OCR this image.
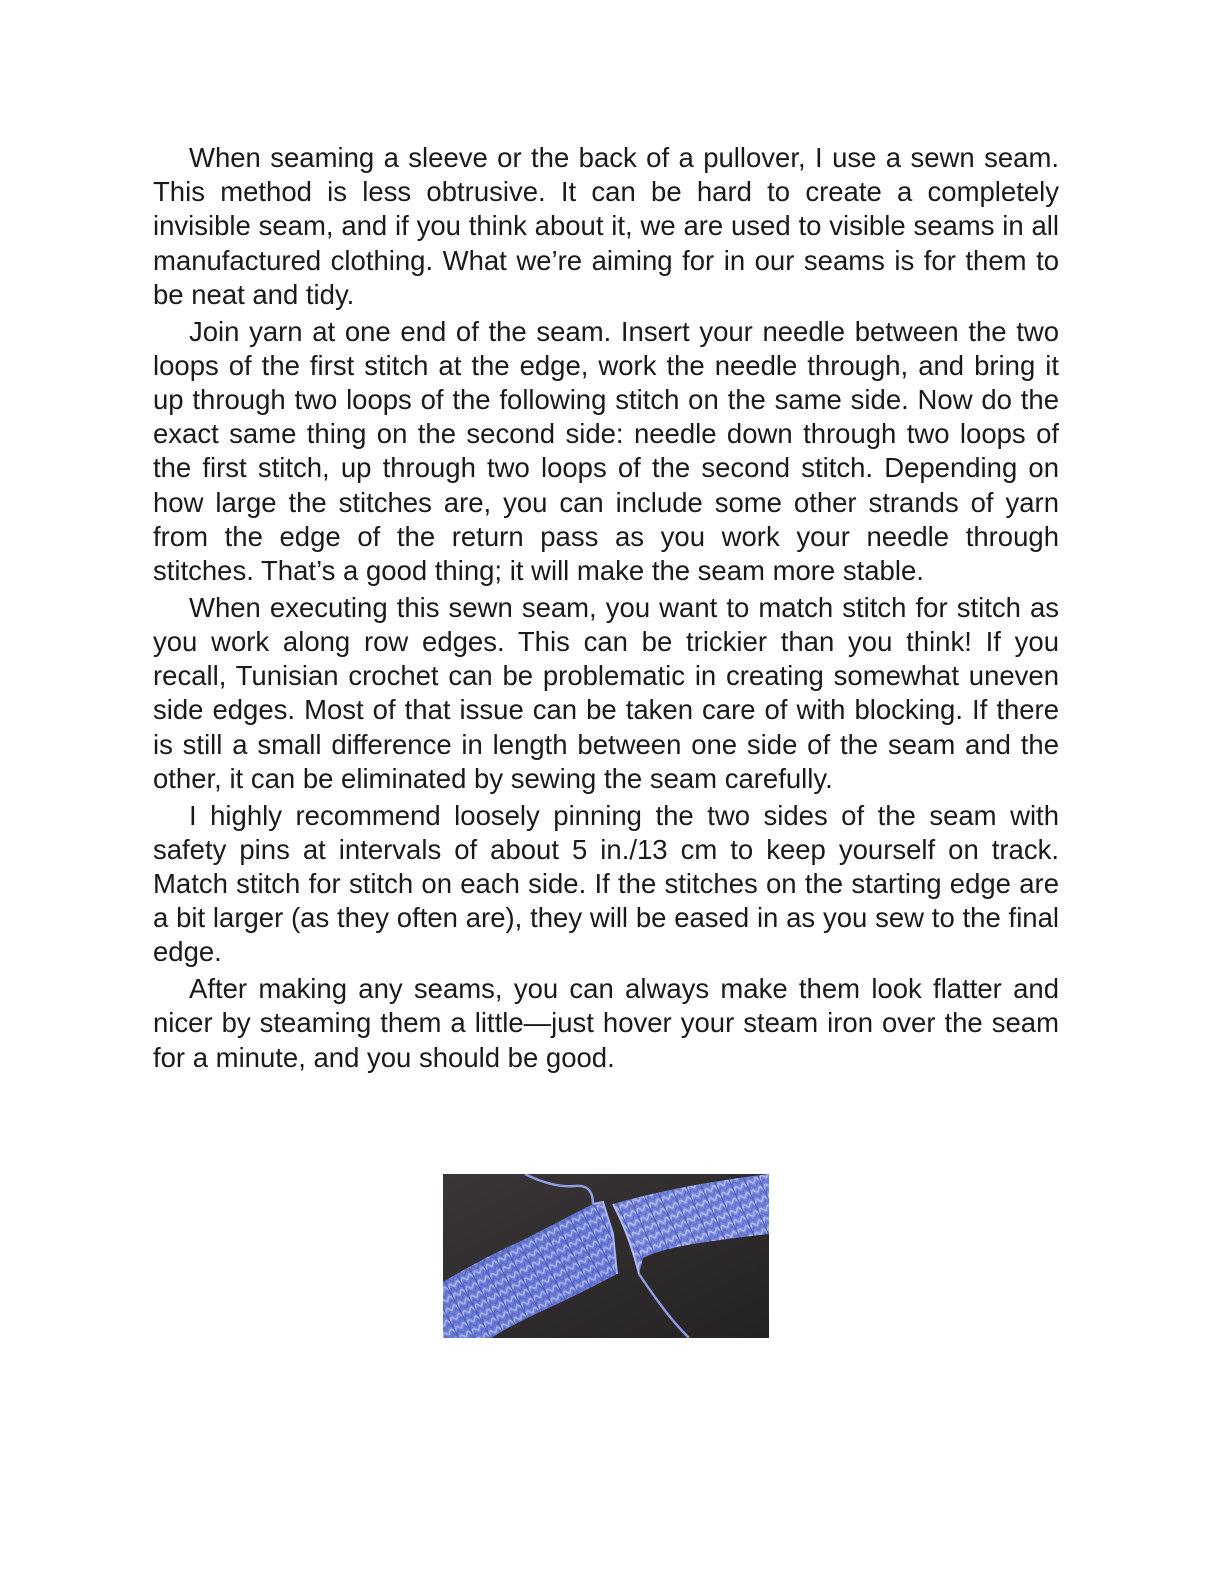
When seaming a sleeve or the back of a pullover, I use a sewn seam. This method is less obtrusive. It can be hard to create a completely invisible seam, and if you think about it, we are used to visible seams in all manufactured clothing. What we’re aiming for in our seams is for them to be neat and tidy.

Join yarn at one end of the seam. Insert your needle between the two loops of the first stitch at the edge, work the needle through, and bring it up through two loops of the following stitch on the same side. Now do the exact same thing on the second side: needle down through two loops of the first stitch, up through two loops of the second stitch. Depending on how large the stitches are, you can include some other strands of yarn from the edge of the return pass as you work your needle through stitches. That’s a good thing; it will make the seam more stable.

When executing this sewn seam, you want to match stitch for stitch as you work along row edges. This can be trickier than you think! If you recall, Tunisian crochet can be problematic in creating somewhat uneven side edges. Most of that issue can be taken care of with blocking. If there is still a small difference in length between one side of the seam and the other, it can be eliminated by sewing the seam carefully.

I highly recommend loosely pinning the two sides of the seam with safety pins at intervals of about 5 in./13 cm to keep yourself on track. Match stitch for stitch on each side. If the stitches on the starting edge are a bit larger (as they often are), they will be eased in as you sew to the final edge.

After making any seams, you can always make them look flatter and nicer by steaming them a little—just hover your steam iron over the seam for a minute, and you should be good.
